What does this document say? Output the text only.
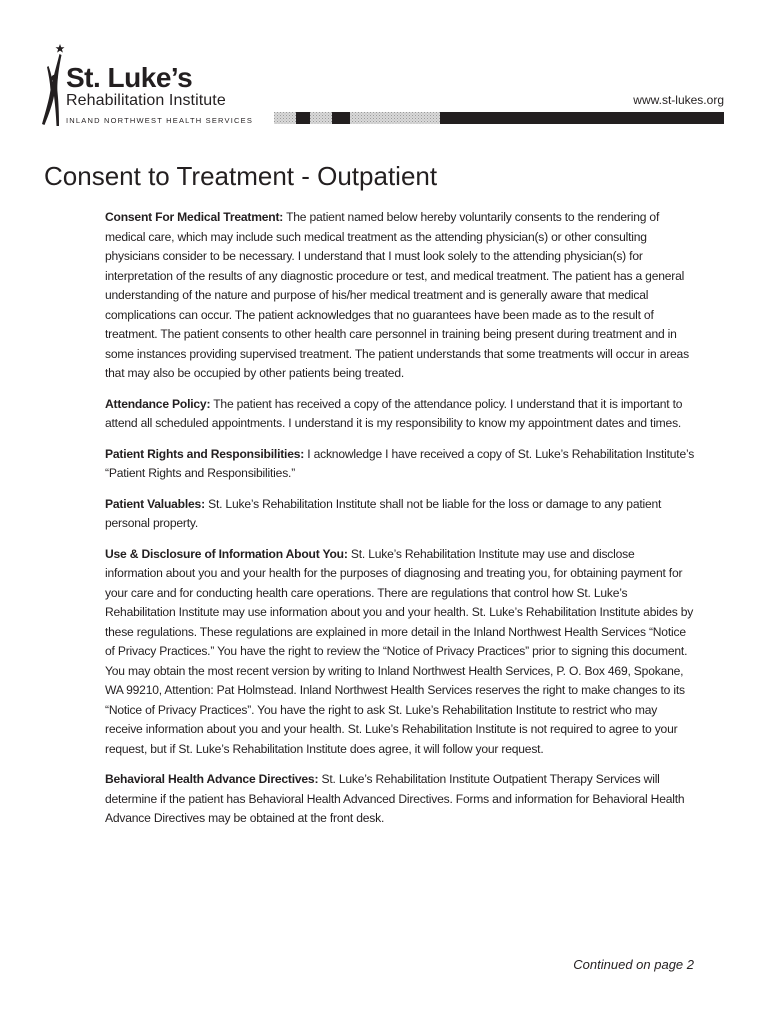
St. Luke’s
Rehabilitation Institute
INLAND NORTHWEST HEALTH SERVICES
www.st-lukes.org
Consent to Treatment - Outpatient

Consent For Medical Treatment: The patient named below hereby voluntarily consents to the rendering of medical care, which may include such medical treatment as the attending physician(s) or other consulting physicians consider to be necessary. I understand that I must look solely to the attending physician(s) for interpretation of the results of any diagnostic procedure or test, and medical treatment. The patient has a general understanding of the nature and purpose of his/her medical treatment and is generally aware that medical complications can occur. The patient acknowledges that no guarantees have been made as to the result of treatment. The patient consents to other health care personnel in training being present during treatment and in some instances providing supervised treatment. The patient understands that some treatments will occur in areas that may also be occupied by other patients being treated.

Attendance Policy: The patient has received a copy of the attendance policy. I understand that it is important to attend all scheduled appointments. I understand it is my responsibility to know my appointment dates and times.

Patient Rights and Responsibilities: I acknowledge I have received a copy of St. Luke’s Rehabilitation Institute’s “Patient Rights and Responsibilities.”

Patient Valuables: St. Luke’s Rehabilitation Institute shall not be liable for the loss or damage to any patient personal property.

Use & Disclosure of Information About You: St. Luke’s Rehabilitation Institute may use and disclose information about you and your health for the purposes of diagnosing and treating you, for obtaining payment for your care and for conducting health care operations. There are regulations that control how St. Luke’s Rehabilitation Institute may use information about you and your health. St. Luke’s Rehabilitation Institute abides by these regulations. These regulations are explained in more detail in the Inland Northwest Health Services “Notice of Privacy Practices.” You have the right to review the “Notice of Privacy Practices” prior to signing this document. You may obtain the most recent version by writing to Inland Northwest Health Services, P. O. Box 469, Spokane, WA 99210, Attention: Pat Holmstead. Inland Northwest Health Services reserves the right to make changes to its “Notice of Privacy Practices”. You have the right to ask St. Luke’s Rehabilitation Institute to restrict who may receive information about you and your health. St. Luke’s Rehabilitation Institute is not required to agree to your request, but if St. Luke’s Rehabilitation Institute does agree, it will follow your request.

Behavioral Health Advance Directives: St. Luke’s Rehabilitation Institute Outpatient Therapy Services will determine if the patient has Behavioral Health Advanced Directives. Forms and information for Behavioral Health Advance Directives may be obtained at the front desk.

Continued on page 2
